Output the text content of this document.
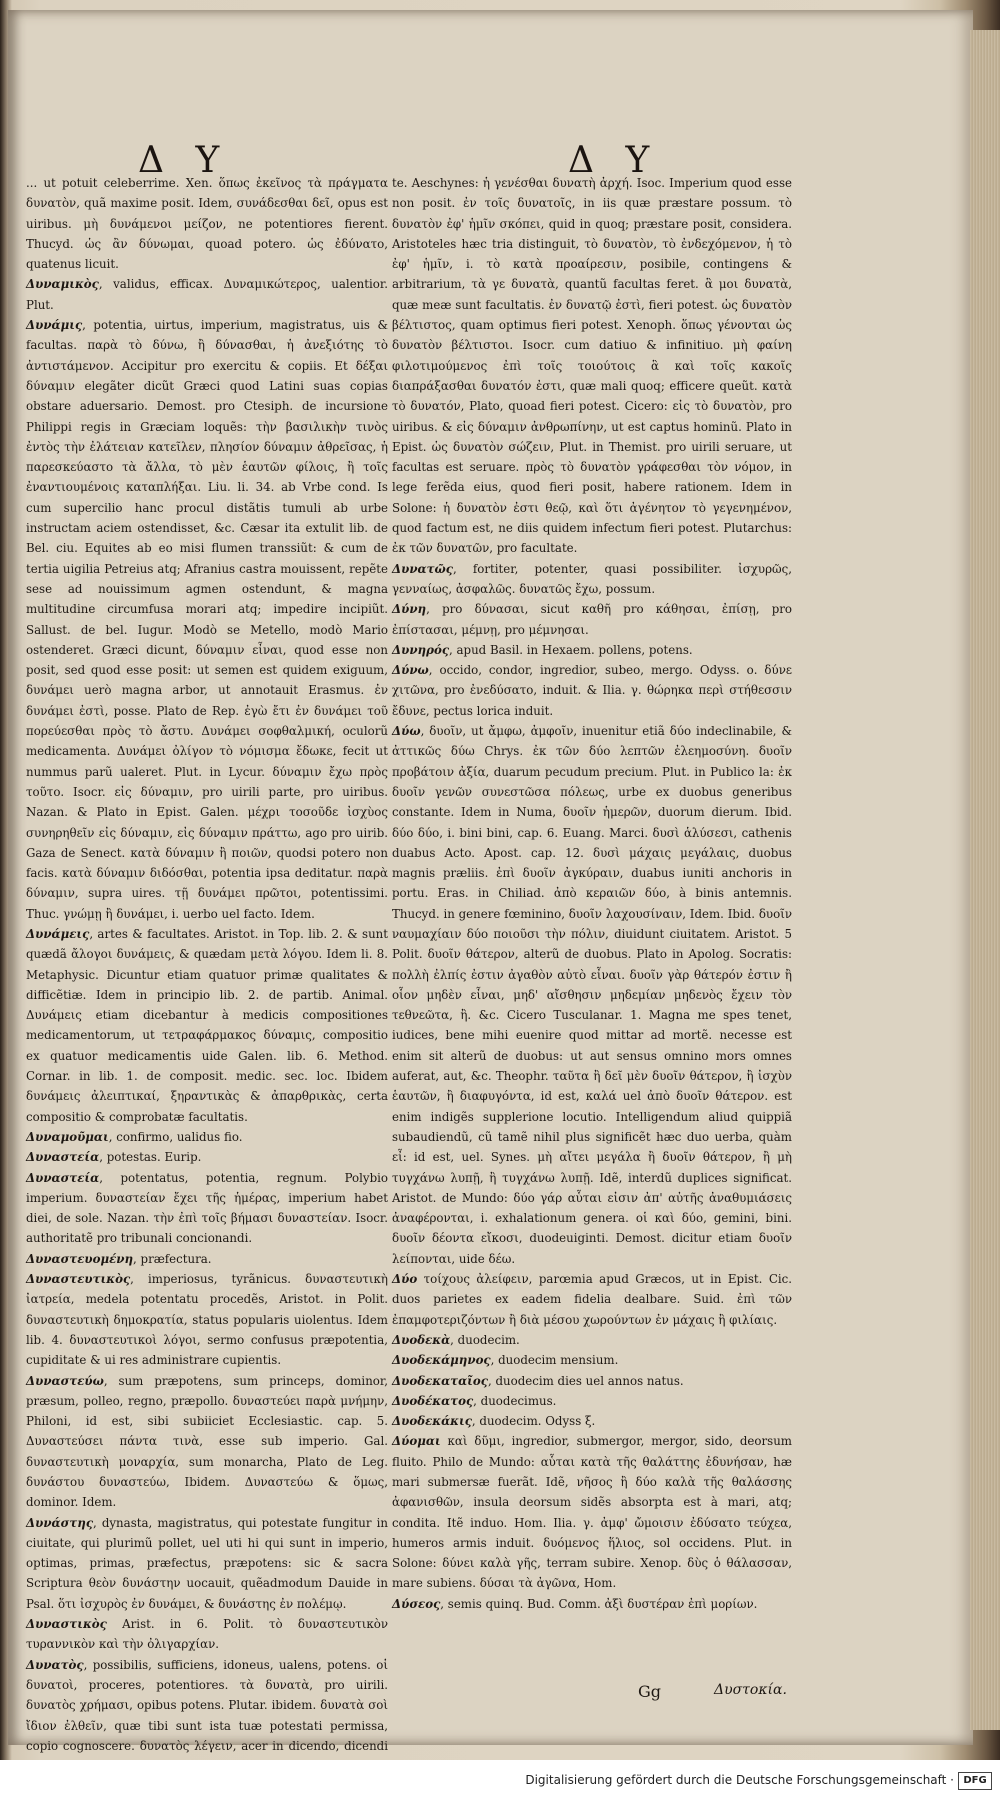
Δ Υ	Δ Υ

... ut potuit celeberrime. Xen. ὅπως ἐκεῖνος τὰ πράγματα δυνατὸν, quã maxime posit. Idem, συνάδεσθαι δεῖ, opus est uiribus. μὴ δυνάμενοι μείζον, ne potentiores fierent. Thucyd. ὡς ἂν δύνωμαι, quoad potero. ὡς ἐδύνατο, quatenus licuit.

Δυναμικὸς, validus, efficax. Δυναμικώτερος, ualentior. Plut.

Δυνάμις, potentia, uirtus, imperium, magistratus, uis & facultas. παρὰ τὸ δύνω, ἢ δύνασθαι, ἡ ἀνεξιότης τὸ ἀντιστάμενον. Accipitur pro exercitu & copiis. Et δέξαι δύναμιν elegãter dicũt Græci quod Latini suas copias obstare aduersario. Demost. pro Ctesiph. de incursione Philippi regis in Græciam loquẽs: τὴν βασιλικὴν τινὸς ἐντὸς τὴν ἐλάτειαν κατεῖλεν, πλησίον δύναμιν ἀθρεῖσας, ἡ παρεσκεύαστο τὰ ἄλλα, τὸ μὲν ἑαυτῶν φίλοις, ἢ τοῖς ἐναντιουμένοις καταπλήξαι. Liu. li. 34. ab Vrbe cond. Is cum supercilio hanc procul distãtis tumuli ab urbe instructam aciem ostendisset, &c. Cæsar ita extulit lib. de Bel. ciu. Equites ab eo misi flumen transsiũt: & cum de tertia uigilia Petreius atq; Afranius castra mouissent, repẽte sese ad nouissimum agmen ostendunt, & magna multitudine circumfusa morari atq; impedire incipiũt. Sallust. de bel. Iugur. Modò se Metello, modò Mario ostenderet. Græci dicunt, δύναμιν εἶναι, quod esse non posit, sed quod esse posit: ut semen est quidem exiguum, δυνάμει uerò magna arbor, ut annotauit Erasmus. ἐν δυνάμει ἐστὶ, posse. Plato de Rep. ἐγὼ ἔτι ἐν δυνάμει τοῦ πορεύεσθαι πρὸς τὸ ἄστυ. Δυνάμει σοφθαλμική, oculorũ medicamenta. Δυνάμει ὀλίγον τὸ νόμισμα ἔδωκε, fecit ut nummus parũ ualeret. Plut. in Lycur. δύναμιν ἔχω πρὸς τοῦτο. Isocr. εἰς δύναμιν, pro uirili parte, pro uiribus. Nazan. & Plato in Epist. Galen. μέχρι τοσοῦδε ἰσχὺος συνηρηθεῖν εἰς δύναμιν, εἰς δύναμιν πράττω, ago pro uirib. Gaza de Senect. κατὰ δύναμιν ἢ ποιῶν, quodsi potero non facis. κατὰ δύναμιν διδόσθαι, potentia ipsa deditatur. παρὰ δύναμιν, supra uires. τῇ δυνάμει πρῶτοι, potentissimi. Thuc. γνώμῃ ἢ δυνάμει, i. uerbo uel facto. Idem.

Δυνάμεις, artes & facultates. Aristot. in Top. lib. 2. & sunt quædã ἄλογοι δυνάμεις, & quædam μετὰ λόγου. Idem li. 8. Metaphysic. Dicuntur etiam quatuor primæ qualitates & difficẽtiæ. Idem in principio lib. 2. de partib. Animal. Δυνάμεις etiam dicebantur à medicis compositiones medicamentorum, ut τετραφάρμακος δύναμις, compositio ex quatuor medicamentis uide Galen. lib. 6. Method. Cornar. in lib. 1. de composit. medic. sec. loc. Ibidem δυνάμεις ἀλειπτικαί, ξηραντικὰς & ἀπαρθρικὰς, certa compositio & comprobatæ facultatis.

Δυναμοῦμαι, confirmo, ualidus fio.

Δυναστεία, potestas. Eurip.

Δυναστεία, potentatus, potentia, regnum. Polybio imperium. δυναστείαν ἔχει τῆς ἡμέρας, imperium habet diei, de sole. Nazan. τὴν ἐπὶ τοῖς βήμασι δυναστείαν. Isocr. authoritatẽ pro tribunali concionandi.

Δυναστευομένη, præfectura.

Δυναστευτικὸς, imperiosus, tyrãnicus. δυναστευτικὴ ἰατρεία, medela potentatu procedẽs, Aristot. in Polit. δυναστευτικὴ δημοκρατία, status popularis uiolentus. Idem lib. 4. δυναστευτικοὶ λόγοι, sermo confusus præpotentia, cupiditate & ui res administrare cupientis.

Δυναστεύω, sum præpotens, sum princeps, dominor, præsum, polleo, regno, præpollo. δυναστεύει παρὰ μνήμην, Philoni, id est, sibi subiiciet Ecclesiastic. cap. 5. Δυναστεύσει πάντα τινὰ, esse sub imperio. Gal. δυναστευτικὴ μοναρχία, sum monarcha, Plato de Leg. δυνάστου δυναστεύω, Ibidem. Δυναστεύω & ὅμως, dominor. Idem.

Δυνάστης, dynasta, magistratus, qui potestate fungitur in ciuitate, qui plurimũ pollet, uel uti hi qui sunt in imperio, optimas, primas, præfectus, præpotens: sic & sacra Scriptura θεὸν δυνάστην uocauit, quẽadmodum Dauide in Psal. ὅτι ἰσχυρὸς ἐν δυνάμει, & δυνάστης ἐν πολέμῳ.

Δυναστικὸς Arist. in 6. Polit. τὸ δυναστευτικὸν τυραννικὸν καὶ τὴν ὀλιγαρχίαν.

Δυνατὸς, possibilis, sufficiens, idoneus, ualens, potens. οἱ δυνατοὶ, proceres, potentiores. τὰ δυνατὰ, pro uirili. δυνατὸς χρήμασι, opibus potens. Plutar. ibidem. δυνατὰ σοὶ ἴδιον ἐλθεῖν, quæ tibi sunt ista tuæ potestati permissa, copio cognoscere. δυνατὸς λέγειν, acer in dicendo, dicendi

te. Aeschynes: ἡ γενέσθαι δυνατὴ ἀρχή. Isoc. Imperium quod esse non posit. ἐν τοῖς δυνατοῖς, in iis quæ præstare possum. τὸ δυνατὸν ἐφ' ἡμῖν σκόπει, quid in quoq; præstare posit, considera. Aristoteles hæc tria distinguit, τὸ δυνατὸν, τὸ ἐνδεχόμενον, ἡ τὸ ἐφ' ἡμῖν, i. τὸ κατὰ προαίρεσιν, posibile, contingens & arbitrarium, τὰ γε δυνατὰ, quantũ facultas feret. ἃ μοι δυνατὰ, quæ meæ sunt facultatis. ἐν δυνατῷ ἐστὶ, fieri potest. ὡς δυνατὸν βέλτιστος, quam optimus fieri potest. Xenoph. ὅπως γένονται ὡς δυνατὸν βέλτιστοι. Isocr. cum datiuo & infinitiuo. μὴ φαίνη φιλοτιμούμενος ἐπὶ τοῖς τοιούτοις ἃ καὶ τοῖς κακοῖς διαπράξασθαι δυνατόν ἐστι, quæ mali quoq; efficere queũt. κατὰ τὸ δυνατόν, Plato, quoad fieri potest. Cicero: εἰς τὸ δυνατὸν, pro uiribus. & εἰς δύναμιν ἀνθρωπίνην, ut est captus hominũ. Plato in Epist. ὡς δυνατὸν σώζειν, Plut. in Themist. pro uirili seruare, ut facultas est seruare. πρὸς τὸ δυνατὸν γράφεσθαι τὸν νόμον, in lege ferẽda eius, quod fieri posit, habere rationem. Idem in Solone: ἡ δυνατὸν ἐστι θεῷ, καὶ ὅτι ἀγένητον τὸ γεγενημένον, quod factum est, ne diis quidem infectum fieri potest. Plutarchus: ἐκ τῶν δυνατῶν, pro facultate.

Δυνατῶς, fortiter, potenter, quasi possibiliter. ἰσχυρῶς, γενναίως, ἀσφαλῶς. δυνατῶς ἔχω, possum.

Δύνη, pro δύνασαι, sicut καθῆ pro κάθησαι, ἐπίσῃ, pro ἐπίστασαι, μέμνῃ, pro μέμνησαι.

Δυνηρός, apud Basil. in Hexaem. pollens, potens.

Δύνω, occido, condor, ingredior, subeo, mergo. Odyss. ο. δύνε χιτῶνα, pro ἐνεδύσατο, induit. & Ilia. γ. θώρηκα περὶ στήθεσσιν ἔδυνε, pectus lorica induit.

Δύω, δυοῖν, ut ἄμφω, ἀμφοῖν, inuenitur etiã δύο indeclinabile, & ἀττικῶς δύω Chrys. ἐκ τῶν δύο λεπτῶν ἐλεημοσύνη. δυοῖν προβάτοιν ἀξία, duarum pecudum precium. Plut. in Publico la: ἐκ δυοῖν γενῶν συνεστῶσα πόλεως, urbe ex duobus generibus constante. Idem in Numa, δυοῖν ἡμερῶν, duorum dierum. Ibid. δύο δύο, i. bini bini, cap. 6. Euang. Marci. δυσὶ ἁλύσεσι, cathenis duabus Acto. Apost. cap. 12. δυσὶ μάχαις μεγάλαις, duobus magnis præliis. ἐπὶ δυοῖν ἀγκύραιν, duabus iuniti anchoris in portu. Eras. in Chiliad. ἀπὸ κεραιῶν δύο, à binis antemnis. Thucyd. in genere fœminino, δυοῖν λαχουσίναιν, Idem. Ibid. δυοῖν ναυμαχίαιν δύο ποιοῦσι τὴν πόλιν, diuidunt ciuitatem. Aristot. 5 Polit. δυοῖν θάτερον, alterũ de duobus. Plato in Apolog. Socratis: πολλὴ ἐλπίς ἐστιν ἀγαθὸν αὐτὸ εἶναι. δυοῖν γὰρ θάτερόν ἐστιν ἢ οἷον μηδὲν εἶναι, μηδ' αἴσθησιν μηδεμίαν μηδενὸς ἔχειν τὸν τεθνεῶτα, ἢ. &c. Cicero Tusculanar. 1. Magna me spes tenet, iudices, bene mihi euenire quod mittar ad mortẽ. necesse est enim sit alterũ de duobus: ut aut sensus omnino mors omnes auferat, aut, &c. Theophr. ταῦτα ἢ δεῖ μὲν δυοῖν θάτερον, ἢ ἰσχὺν ἑαυτῶν, ἢ διαφυγόντα, id est, καλά uel ἀπὸ δυοῖν θάτερον. est enim indigẽs supplerione locutio. Intelligendum aliud quippiã subaudiendũ, cũ tamẽ nihil plus significẽt hæc duo uerba, quàm εἶ: id est, uel. Synes. μὴ αἴτει μεγάλα ἢ δυοῖν θάτερον, ἢ μὴ τυγχάνω λυπῇ, ἢ τυγχάνω λυπῇ. Idẽ, interdũ duplices significat. Aristot. de Mundo: δύο γάρ αὗται εἰσιν ἀπ' αὐτῆς ἀναθυμιάσεις ἀναφέρονται, i. exhalationum genera. οἱ καὶ δύο, gemini, bini. δυοῖν δέοντα εἴκοσι, duodeuiginti. Demost. dicitur etiam δυοῖν λείπονται, uide δέω.

Δύο τοίχους ἀλείφειν, parœmia apud Græcos, ut in Epist. Cic. duos parietes ex eadem fidelia dealbare. Suid. ἐπὶ τῶν ἐπαμφοτεριζόντων ἢ διὰ μέσου χωρούντων ἐν μάχαις ἢ φιλίαις.

Δυοδεκὰ, duodecim.

Δυοδεκάμηνος, duodecim mensium.

Δυοδεκαταῖος, duodecim dies uel annos natus.

Δυοδέκατος, duodecimus.

Δυοδεκάκις, duodecim. Odyss ξ.

Δύομαι καὶ δῦμι, ingredior, submergor, mergor, sido, deorsum fluito. Philo de Mundo: αὗται κατὰ τῆς θαλάττης ἐδυνήσαν, hæ mari submersæ fuerãt. Idẽ, νῆσος ἢ δύο καλὰ τῆς θαλάσσης ἀφανισθῶν, insula deorsum sidẽs absorpta est à mari, atq; condita. Itẽ induo. Hom. Ilia. γ. ἀμφ' ὤμοισιν ἐδύσατο τεύχεα, humeros armis induit. δυόμενος ἥλιος, sol occidens. Plut. in Solone: δύνει καλὰ γῆς, terram subire. Xenop. δὺς ὁ θάλασσαν, mare subiens. δύσαι τὰ ἀγῶνα, Hom.

Δύσεος, semis quinq. Bud. Comm. ἀξὶ δυστέραν ἐπὶ μορίων.

Gg	Δυστοκία.
Digitalisierung gefördert durch die Deutsche Forschungsgemeinschaft · DFG
